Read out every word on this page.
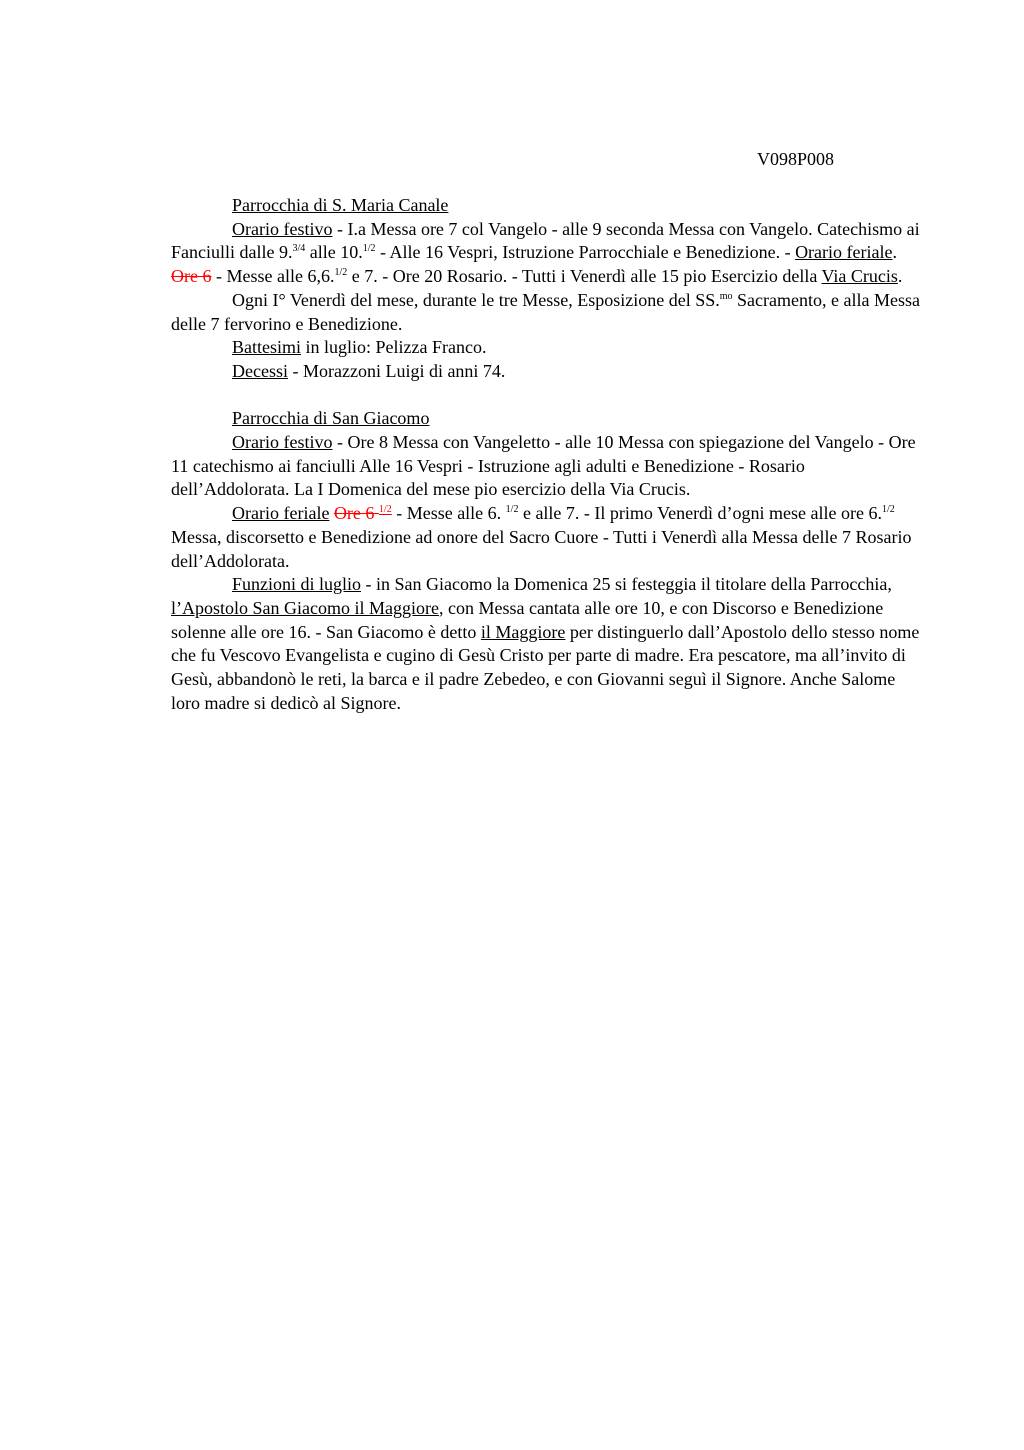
V098P008

Parrocchia di S. Maria Canale

Orario festivo - I.a Messa ore 7 col Vangelo - alle 9 seconda Messa con Vangelo. Catechismo ai Fanciulli dalle 9.$^{3/4}$ alle 10.$^{1/2}$ - Alle 16 Vespri, Istruzione Parrocchiale e Benedizione. - Orario feriale. Ore 6 - Messe alle 6,6.$^{1/2}$ e 7. - Ore 20 Rosario. - Tutti i Venerdì alle 15 pio Esercizio della Via Crucis.

Ogni I° Venerdì del mese, durante le tre Messe, Esposizione del SS.$^{mo}$ Sacramento, e alla Messa delle 7 fervorino e Benedizione.

Battesimi in luglio: Pelizza Franco.

Decessi - Morazzoni Luigi di anni 74.

Parrocchia di San Giacomo

Orario festivo - Ore 8 Messa con Vangeletto - alle 10 Messa con spiegazione del Vangelo - Ore 11 catechismo ai fanciulli Alle 16 Vespri - Istruzione agli adulti e Benedizione - Rosario dell’Addolorata. La I Domenica del mese pio esercizio della Via Crucis.

Orario feriale Ore 6 $^{1/2}$ - Messe alle 6. $^{1/2}$ e alle 7. - Il primo Venerdì d’ogni mese alle ore 6.$^{1/2}$ Messa, discorsetto e Benedizione ad onore del Sacro Cuore - Tutti i Venerdì alla Messa delle 7 Rosario dell’Addolorata.

Funzioni di luglio - in San Giacomo la Domenica 25 si festeggia il titolare della Parrocchia, l’Apostolo San Giacomo il Maggiore, con Messa cantata alle ore 10, e con Discorso e Benedizione solenne alle ore 16. - San Giacomo è detto il Maggiore per distinguerlo dall’Apostolo dello stesso nome che fu Vescovo Evangelista e cugino di Gesù Cristo per parte di madre. Era pescatore, ma all’invito di Gesù, abbandonò le reti, la barca e il padre Zebedeo, e con Giovanni seguì il Signore. Anche Salome loro madre si dedicò al Signore.
